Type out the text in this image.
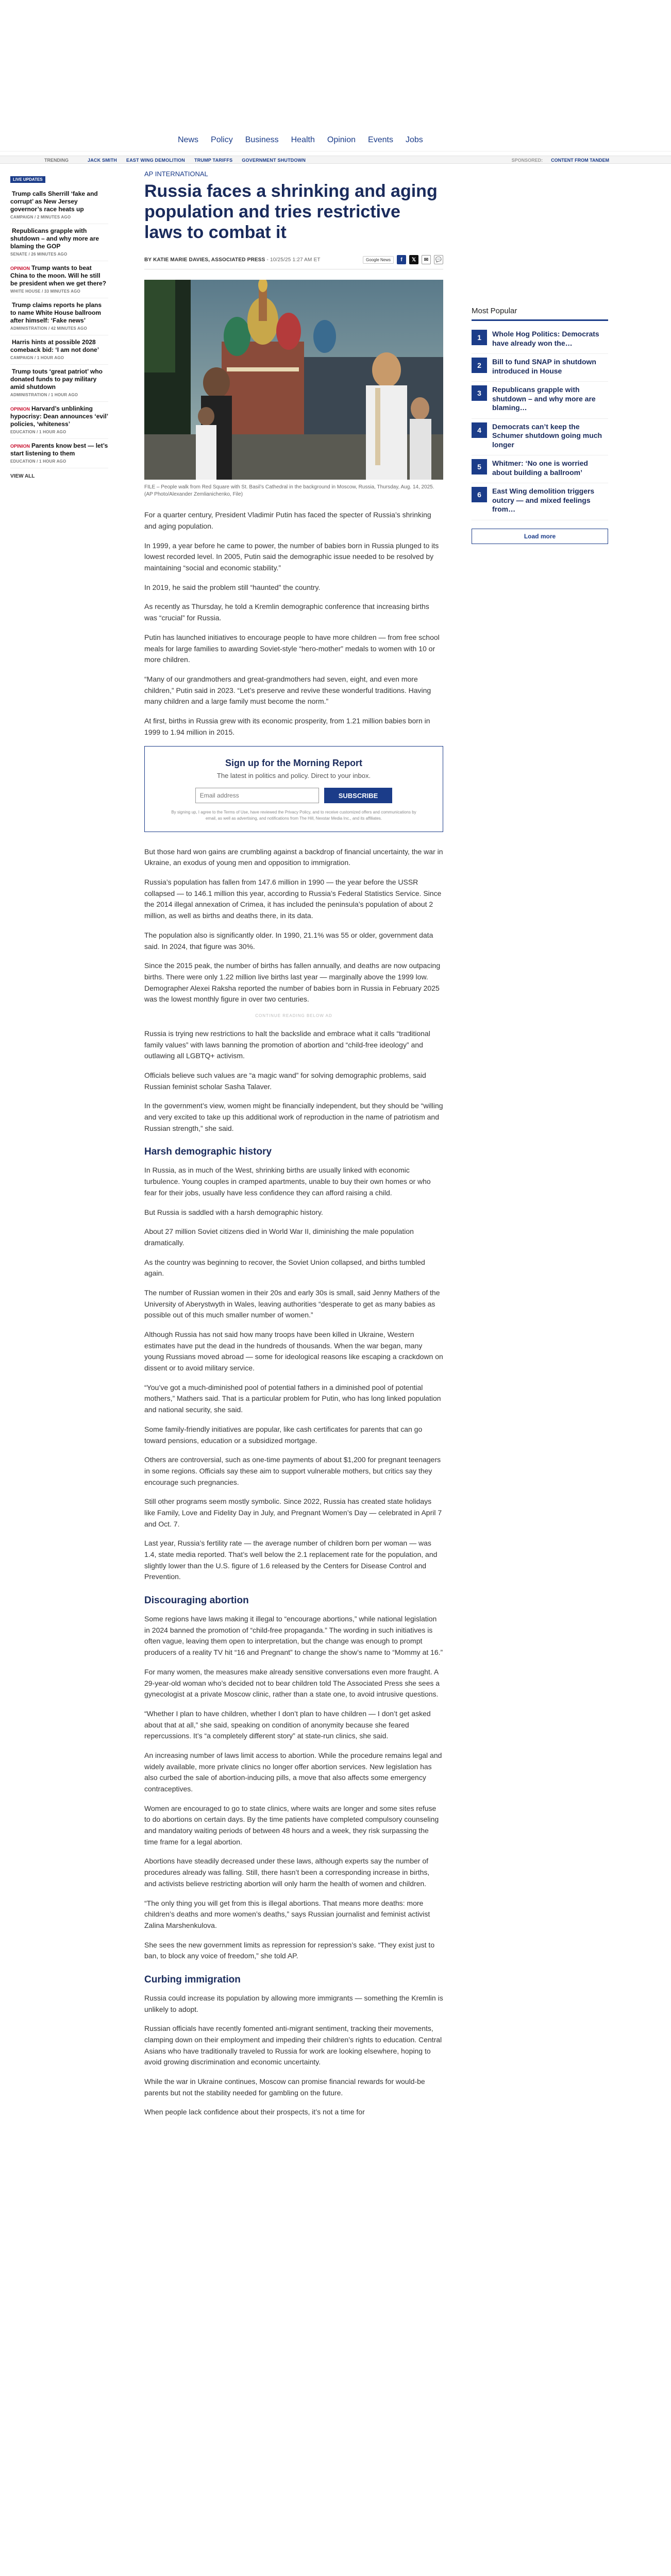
News Policy Business Health Opinion Events Jobs
TRENDING	JACK SMITH EAST WING DEMOLITION TRUMP TARIFFS GOVERNMENT SHUTDOWN	SPONSORED: CONTENT FROM TANDEM
LIVE UPDATES
Trump calls Sherrill ‘fake and corrupt’ as New Jersey governor’s race heats up
CAMPAIGN / 2 MINUTES AGO
Republicans grapple with shutdown – and why more are blaming the GOP
SENATE / 26 MINUTES AGO
OPINION Trump wants to beat China to the moon. Will he still be president when we get there?
WHITE HOUSE / 33 MINUTES AGO
Trump claims reports he plans to name White House ballroom after himself: ‘Fake news’
ADMINISTRATION / 42 MINUTES AGO
Harris hints at possible 2028 comeback bid: ‘I am not done’
CAMPAIGN / 1 HOUR AGO
Trump touts ‘great patriot’ who donated funds to pay military amid shutdown
ADMINISTRATION / 1 HOUR AGO
OPINION Harvard’s unblinking hypocrisy: Dean announces ‘evil’ policies, ‘whiteness’
EDUCATION / 1 HOUR AGO
OPINION Parents know best — let’s start listening to them
EDUCATION / 1 HOUR AGO
VIEW ALL
AP INTERNATIONAL
Russia faces a shrinking and aging population and tries restrictive laws to combat it
BY KATIE MARIE DAVIES, ASSOCIATED PRESS - 10/25/25 1:27 AM ET	Google News	f	𝕏	✉	💬

FILE – People walk from Red Square with St. Basil’s Cathedral in the background in Moscow, Russia, Thursday, Aug. 14, 2025. (AP Photo/Alexander Zemlianichenko, File)

For a quarter century, President Vladimir Putin has faced the specter of Russia’s shrinking and aging population.

In 1999, a year before he came to power, the number of babies born in Russia plunged to its lowest recorded level. In 2005, Putin said the demographic issue needed to be resolved by maintaining “social and economic stability.”

In 2019, he said the problem still “haunted” the country.

As recently as Thursday, he told a Kremlin demographic conference that increasing births was “crucial” for Russia.

Putin has launched initiatives to encourage people to have more children — from free school meals for large families to awarding Soviet-style “hero-mother” medals to women with 10 or more children.

“Many of our grandmothers and great-grandmothers had seven, eight, and even more children,” Putin said in 2023. “Let’s preserve and revive these wonderful traditions. Having many children and a large family must become the norm.”

At first, births in Russia grew with its economic prosperity, from 1.21 million babies born in 1999 to 1.94 million in 2015.

Sign up for the Morning Report
The latest in politics and policy. Direct to your inbox.
Email address
SUBSCRIBE
By signing up, I agree to the Terms of Use, have reviewed the Privacy Policy, and to receive customized offers and communications by email, as well as advertising, and notifications from The Hill, Nexstar Media Inc., and its affiliates.

But those hard won gains are crumbling against a backdrop of financial uncertainty, the war in Ukraine, an exodus of young men and opposition to immigration.

Russia’s population has fallen from 147.6 million in 1990 — the year before the USSR collapsed — to 146.1 million this year, according to Russia’s Federal Statistics Service. Since the 2014 illegal annexation of Crimea, it has included the peninsula’s population of about 2 million, as well as births and deaths there, in its data.

The population also is significantly older. In 1990, 21.1% was 55 or older, government data said. In 2024, that figure was 30%.

Since the 2015 peak, the number of births has fallen annually, and deaths are now outpacing births. There were only 1.22 million live births last year — marginally above the 1999 low. Demographer Alexei Raksha reported the number of babies born in Russia in February 2025 was the lowest monthly figure in over two centuries.

CONTINUE READING BELOW AD

Russia is trying new restrictions to halt the backslide and embrace what it calls “traditional family values” with laws banning the promotion of abortion and “child-free ideology” and outlawing all LGBTQ+ activism.

Officials believe such values are “a magic wand” for solving demographic problems, said Russian feminist scholar Sasha Talaver.

In the government’s view, women might be financially independent, but they should be “willing and very excited to take up this additional work of reproduction in the name of patriotism and Russian strength,” she said.

Harsh demographic history

In Russia, as in much of the West, shrinking births are usually linked with economic turbulence. Young couples in cramped apartments, unable to buy their own homes or who fear for their jobs, usually have less confidence they can afford raising a child.

But Russia is saddled with a harsh demographic history.

About 27 million Soviet citizens died in World War II, diminishing the male population dramatically.

As the country was beginning to recover, the Soviet Union collapsed, and births tumbled again.

The number of Russian women in their 20s and early 30s is small, said Jenny Mathers of the University of Aberystwyth in Wales, leaving authorities “desperate to get as many babies as possible out of this much smaller number of women.”

Although Russia has not said how many troops have been killed in Ukraine, Western estimates have put the dead in the hundreds of thousands. When the war began, many young Russians moved abroad — some for ideological reasons like escaping a crackdown on dissent or to avoid military service.

“You’ve got a much-diminished pool of potential fathers in a diminished pool of potential mothers,” Mathers said. That is a particular problem for Putin, who has long linked population and national security, she said.

Some family-friendly initiatives are popular, like cash certificates for parents that can go toward pensions, education or a subsidized mortgage.

Others are controversial, such as one-time payments of about $1,200 for pregnant teenagers in some regions. Officials say these aim to support vulnerable mothers, but critics say they encourage such pregnancies.

Still other programs seem mostly symbolic. Since 2022, Russia has created state holidays like Family, Love and Fidelity Day in July, and Pregnant Women’s Day — celebrated in April 7 and Oct. 7.

Last year, Russia’s fertility rate — the average number of children born per woman — was 1.4, state media reported. That’s well below the 2.1 replacement rate for the population, and slightly lower than the U.S. figure of 1.6 released by the Centers for Disease Control and Prevention.

Discouraging abortion

Some regions have laws making it illegal to “encourage abortions,” while national legislation in 2024 banned the promotion of “child-free propaganda.” The wording in such initiatives is often vague, leaving them open to interpretation, but the change was enough to prompt producers of a reality TV hit “16 and Pregnant” to change the show’s name to “Mommy at 16.”

For many women, the measures make already sensitive conversations even more fraught. A 29-year-old woman who’s decided not to bear children told The Associated Press she sees a gynecologist at a private Moscow clinic, rather than a state one, to avoid intrusive questions.

“Whether I plan to have children, whether I don’t plan to have children — I don’t get asked about that at all,” she said, speaking on condition of anonymity because she feared repercussions. It’s “a completely different story” at state-run clinics, she said.

An increasing number of laws limit access to abortion. While the procedure remains legal and widely available, more private clinics no longer offer abortion services. New legislation has also curbed the sale of abortion-inducing pills, a move that also affects some emergency contraceptives.

Women are encouraged to go to state clinics, where waits are longer and some sites refuse to do abortions on certain days. By the time patients have completed compulsory counseling and mandatory waiting periods of between 48 hours and a week, they risk surpassing the time frame for a legal abortion.

Abortions have steadily decreased under these laws, although experts say the number of procedures already was falling. Still, there hasn’t been a corresponding increase in births, and activists believe restricting abortion will only harm the health of women and children.

“The only thing you will get from this is illegal abortions. That means more deaths: more children’s deaths and more women’s deaths,” says Russian journalist and feminist activist Zalina Marshenkulova.

She sees the new government limits as repression for repression’s sake. “They exist just to ban, to block any voice of freedom,” she told AP.

Curbing immigration

Russia could increase its population by allowing more immigrants — something the Kremlin is unlikely to adopt.

Russian officials have recently fomented anti-migrant sentiment, tracking their movements, clamping down on their employment and impeding their children’s rights to education. Central Asians who have traditionally traveled to Russia for work are looking elsewhere, hoping to avoid growing discrimination and economic uncertainty.

While the war in Ukraine continues, Moscow can promise financial rewards for would-be parents but not the stability needed for gambling on the future.

When people lack confidence about their prospects, it’s not a time for

Most Popular
1	Whole Hog Politics: Democrats have already won the…
2	Bill to fund SNAP in shutdown introduced in House
3	Republicans grapple with shutdown – and why more are blaming…
4	Democrats can’t keep the Schumer shutdown going much longer
5	Whitmer: ‘No one is worried about building a ballroom’
6	East Wing demolition triggers outcry — and mixed feelings from…
Load more
